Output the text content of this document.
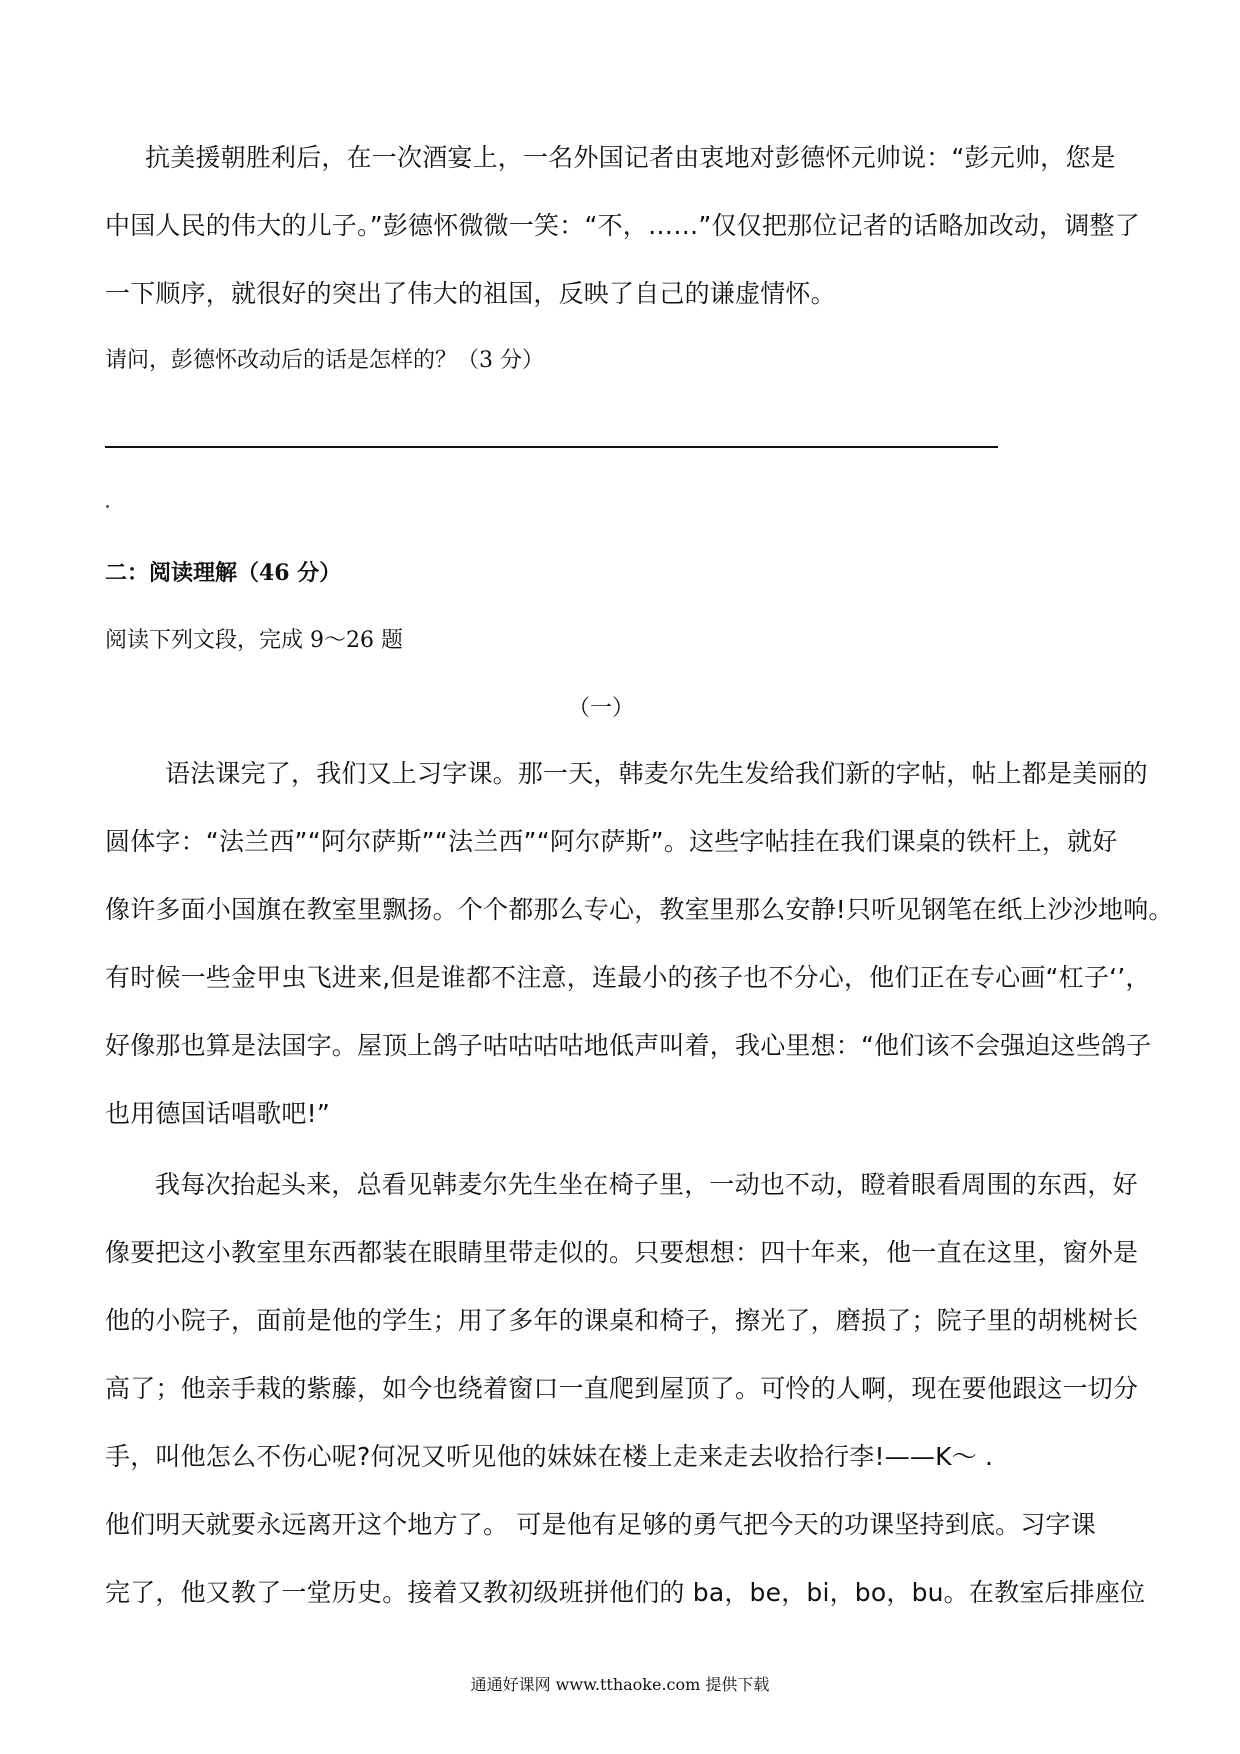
抗美援朝胜利后，在一次酒宴上，一名外国记者由衷地对彭德怀元帅说：“彭元帅，您是
中国人民的伟大的儿子。”彭德怀微微一笑：“不，……”仅仅把那位记者的话略加改动，调整了
一下顺序，就很好的突出了伟大的祖国，反映了自己的谦虚情怀。
请问，彭德怀改动后的话是怎样的？（3 分）
二：阅读理解（46 分）
阅读下列文段，完成 9～26 题
（一）
语法课完了，我们又上习字课。那一天，韩麦尔先生发给我们新的字帖，帖上都是美丽的
圆体字：“法兰西”“阿尔萨斯”“法兰西”“阿尔萨斯”。这些字帖挂在我们课桌的铁杆上，就好
像许多面小国旗在教室里飘扬。个个都那么专心，教室里那么安静!只听见钢笔在纸上沙沙地响。
有时候一些金甲虫飞进来,但是谁都不注意，连最小的孩子也不分心，他们正在专心画“杠子‘’，
好像那也算是法国字。屋顶上鸽子咕咕咕咕地低声叫着，我心里想：“他们该不会强迫这些鸽子
也用德国话唱歌吧!”
我每次抬起头来，总看见韩麦尔先生坐在椅子里，一动也不动，瞪着眼看周围的东西，好
像要把这小教室里东西都装在眼睛里带走似的。只要想想：四十年来，他一直在这里，窗外是
他的小院子，面前是他的学生；用了多年的课桌和椅子，擦光了，磨损了；院子里的胡桃树长
高了；他亲手栽的紫藤，如今也绕着窗口一直爬到屋顶了。可怜的人啊，现在要他跟这一切分
手，叫他怎么不伤心呢?何况又听见他的妹妹在楼上走来走去收拾行李!——K～ .
他们明天就要永远离开这个地方了。 可是他有足够的勇气把今天的功课坚持到底。习字课
完了，他又教了一堂历史。接着又教初级班拼他们的 ba，be，bi，bo，bu。在教室后排座位
通通好课网 www.tthaoke.com 提供下载
